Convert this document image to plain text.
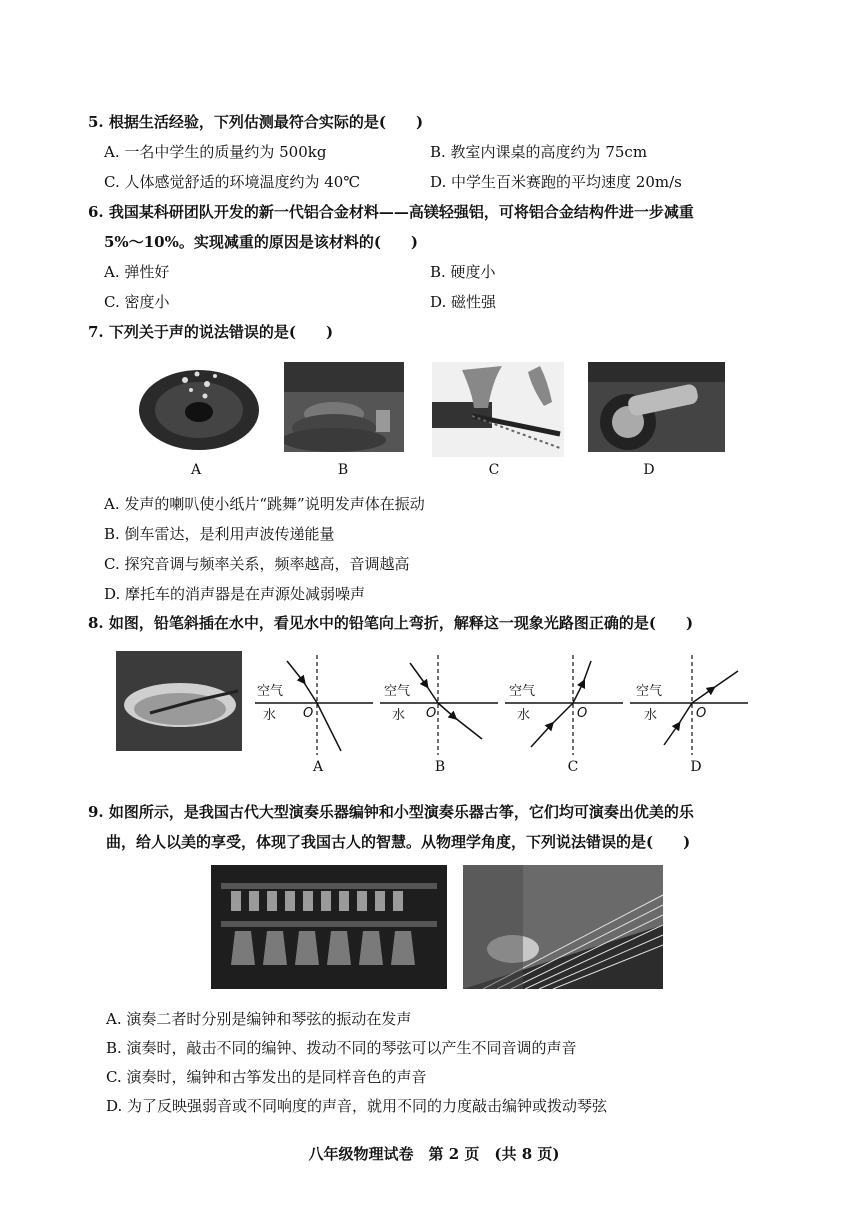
5. 根据生活经验，下列估测最符合实际的是(　　)
A. 一名中学生的质量约为 500kg	B. 教室内课桌的高度约为 75cm
C. 人体感觉舒适的环境温度约为 40℃	D. 中学生百米赛跑的平均速度 20m/s
6. 我国某科研团队开发的新一代铝合金材料——高镁轻强铝，可将铝合金结构件进一步减重
5%～10%。实现减重的原因是该材料的(　　)
A. 弹性好	B. 硬度小
C. 密度小	D. 磁性强
7. 下列关于声的说法错误的是(　　)
A	B	C	D
A. 发声的喇叭使小纸片“跳舞”说明发声体在振动
B. 倒车雷达，是利用声波传递能量
C. 探究音调与频率关系，频率越高，音调越高
D. 摩托车的消声器是在声源处减弱噪声
8. 如图，铅笔斜插在水中，看见水中的铅笔向上弯折，解释这一现象光路图正确的是(　　)
空气
水 O
空气
水 O
空气
水	O
空气
水	O
A	B	C	D
9. 如图所示，是我国古代大型演奏乐器编钟和小型演奏乐器古筝，它们均可演奏出优美的乐
曲，给人以美的享受，体现了我国古人的智慧。从物理学角度，下列说法错误的是(　　)
A. 演奏二者时分别是编钟和琴弦的振动在发声
B. 演奏时，敲击不同的编钟、拨动不同的琴弦可以产生不同音调的声音
C. 演奏时，编钟和古筝发出的是同样音色的声音
D. 为了反映强弱音或不同响度的声音，就用不同的力度敲击编钟或拨动琴弦
八年级物理试卷　第 2 页　(共 8 页)
